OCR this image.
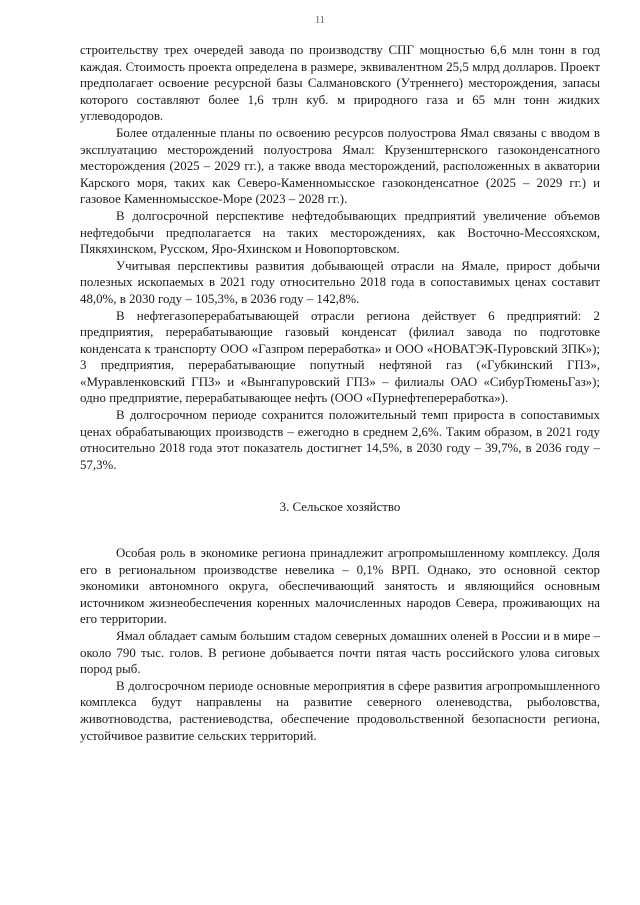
11

строительству трех очередей завода по производству СПГ мощностью 6,6 млн тонн в год каждая. Стоимость проекта определена в размере, эквивалентном 25,5 млрд долларов. Проект предполагает освоение ресурсной базы Салмановского (Утреннего) месторождения, запасы которого составляют более 1,6 трлн куб. м природного газа и 65 млн тонн жидких углеводородов.

Более отдаленные планы по освоению ресурсов полуострова Ямал связаны с вводом в эксплуатацию месторождений полуострова Ямал: Крузенштернского газоконденсатного месторождения (2025 – 2029 гг.), а также ввода месторождений, расположенных в акватории Карского моря, таких как Северо-Каменномысское газоконденсатное (2025 – 2029 гг.) и газовое Каменномысское-Море (2023 – 2028 гг.).

В долгосрочной перспективе нефтедобывающих предприятий увеличение объемов нефтедобычи предполагается на таких месторождениях, как Восточно-Мессояхском, Пякяхинском, Русском, Яро-Яхинском и Новопортовском.

Учитывая перспективы развития добывающей отрасли на Ямале, прирост добычи полезных ископаемых в 2021 году относительно 2018 года в сопоставимых ценах составит 48,0%, в 2030 году – 105,3%, в 2036 году – 142,8%.

В нефтегазоперерабатывающей отрасли региона действует 6 предприятий: 2 предприятия, перерабатывающие газовый конденсат (филиал завода по подготовке конденсата к транспорту ООО «Газпром переработка» и ООО «НОВАТЭК-Пуровский ЗПК»); 3 предприятия, перерабатывающие попутный нефтяной газ («Губкинский ГПЗ», «Муравленковский ГПЗ» и «Вынгапуровский ГПЗ» – филиалы ОАО «СибурТюменьГаз»); одно предприятие, перерабатывающее нефть (ООО «Пурнефтепереработка»).

В долгосрочном периоде сохранится положительный темп прироста в сопоставимых ценах обрабатывающих производств – ежегодно в среднем 2,6%. Таким образом, в 2021 году относительно 2018 года этот показатель достигнет 14,5%, в 2030 году – 39,7%, в 2036 году – 57,3%.

3. Сельское хозяйство

Особая роль в экономике региона принадлежит агропромышленному комплексу. Доля его в региональном производстве невелика – 0,1% ВРП. Однако, это основной сектор экономики автономного округа, обеспечивающий занятость и являющийся основным источником жизнеобеспечения коренных малочисленных народов Севера, проживающих на его территории.

Ямал обладает самым большим стадом северных домашних оленей в России и в мире – около 790 тыс. голов. В регионе добывается почти пятая часть российского улова сиговых пород рыб.

В долгосрочном периоде основные мероприятия в сфере развития агропромышленного комплекса будут направлены на развитие северного оленеводства, рыболовства, животноводства, растениеводства, обеспечение продовольственной безопасности региона, устойчивое развитие сельских территорий.
